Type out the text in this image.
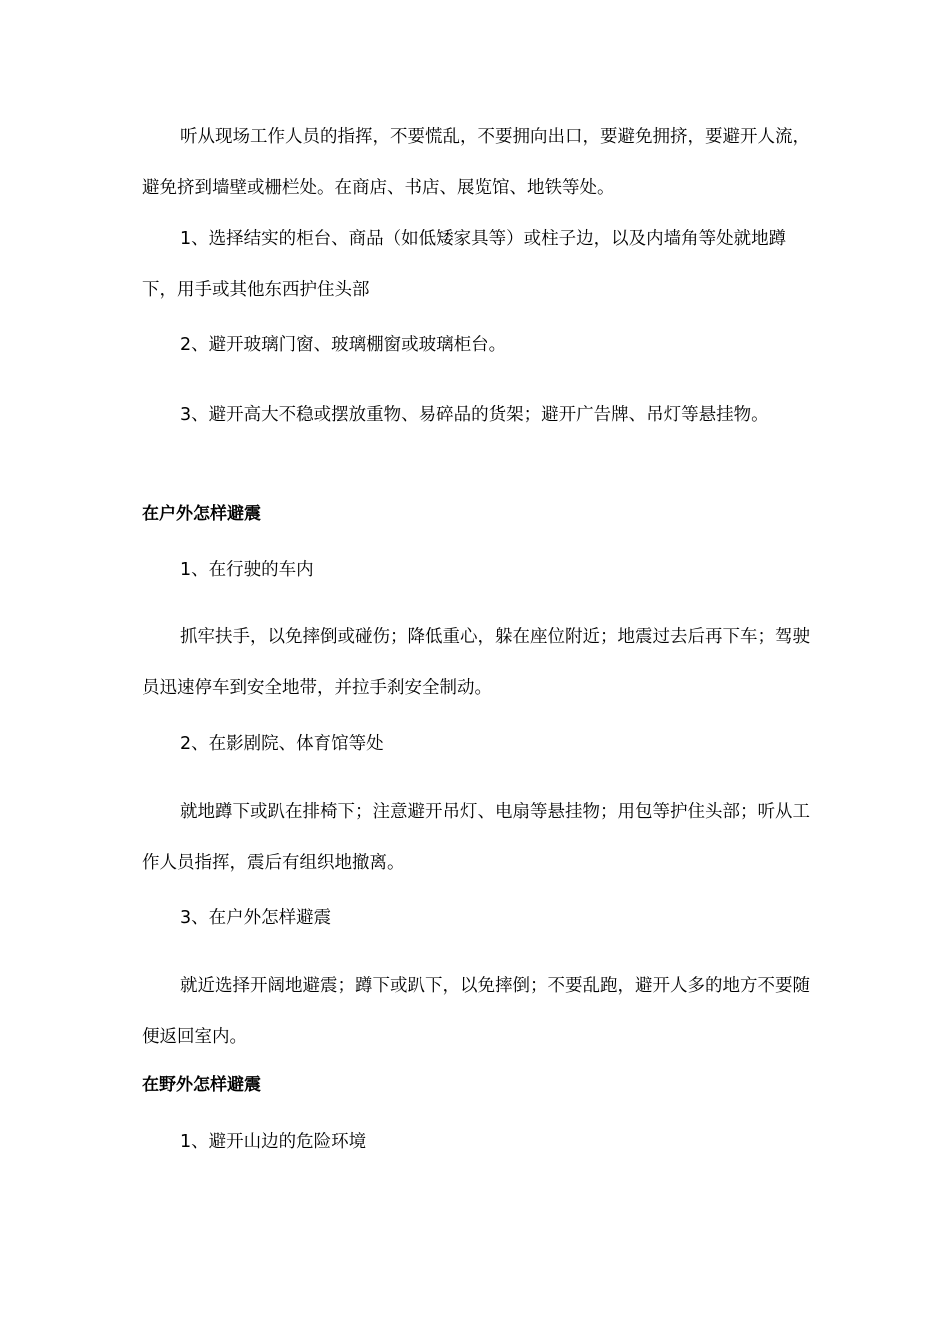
听从现场工作人员的指挥，不要慌乱，不要拥向出口，要避免拥挤，要避开人流，避免挤到墙壁或栅栏处。在商店、书店、展览馆、地铁等处。

1、选择结实的柜台、商品（如低矮家具等）或柱子边，以及内墙角等处就地蹲下，用手或其他东西护住头部

2、避开玻璃门窗、玻璃棚窗或玻璃柜台。

3、避开高大不稳或摆放重物、易碎品的货架；避开广告牌、吊灯等悬挂物。

在户外怎样避震

1、在行驶的车内

抓牢扶手，以免摔倒或碰伤；降低重心，躲在座位附近；地震过去后再下车；驾驶员迅速停车到安全地带，并拉手刹安全制动。

2、在影剧院、体育馆等处

就地蹲下或趴在排椅下；注意避开吊灯、电扇等悬挂物；用包等护住头部；听从工作人员指挥，震后有组织地撤离。

3、在户外怎样避震

就近选择开阔地避震；蹲下或趴下，以免摔倒；不要乱跑，避开人多的地方不要随便返回室内。

在野外怎样避震

1、避开山边的危险环境
